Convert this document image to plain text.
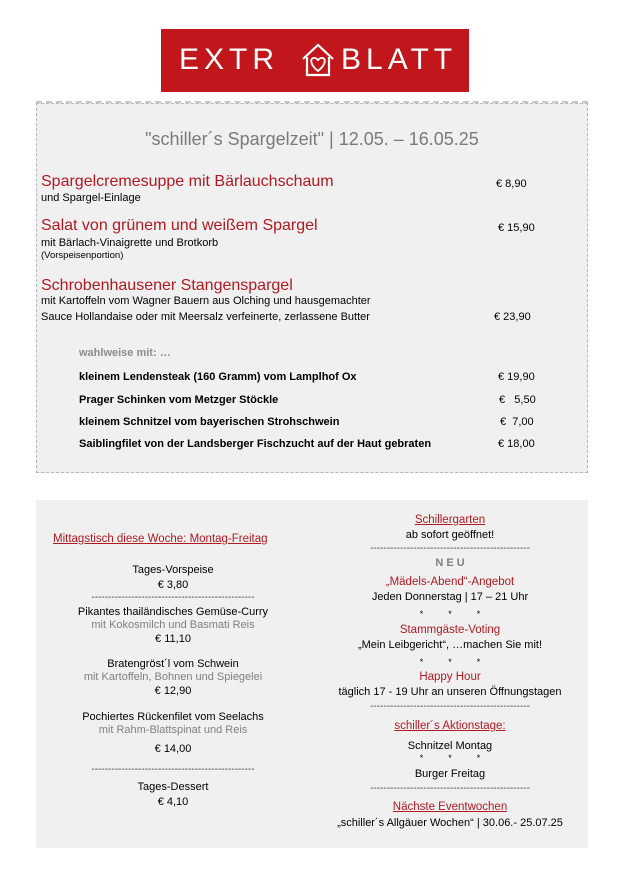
EXTR BLATT
"schiller´s Spargelzeit" | 12.05. – 16.05.25
Spargelcremesuppe mit Bärlauchschaum
und Spargel-Einlage
€ 8,90
Salat von grünem und weißem Spargel
mit Bärlach-Vinaigrette und Brotkorb
(Vorspeisenportion)
€ 15,90
Schrobenhausener Stangenspargel
mit Kartoffeln vom Wagner Bauern aus Olching und hausgemachter
Sauce Hollandaise oder mit Meersalz verfeinerte, zerlassene Butter	€ 23,90
wahlweise mit: …
kleinem Lendensteak (160 Gramm) vom Lamplhof Ox	€ 19,90
Prager Schinken vom Metzger Stöckle	€   5,50
kleinem Schnitzel vom bayerischen Strohschwein	€  7,00
Saiblingfilet von der Landsberger Fischzucht auf der Haut gebraten	€ 18,00
Mittagstisch diese Woche: Montag-Freitag
Tages-Vorspeise
€ 3,80
-------------------------------------------------
Pikantes thailändisches Gemüse-Curry
mit Kokosmilch und Basmati Reis
€ 11,10
Bratengröst´l vom Schwein
mit Kartoffeln, Bohnen und Spiegelei
€ 12,90
Pochiertes Rückenfilet vom Seelachs
mit Rahm-Blattspinat und Reis
€ 14,00
-------------------------------------------------
Tages-Dessert
€ 4,10
Schillergarten
ab sofort geöffnet!
------------------------------------------------
N E U
„Mädels-Abend“-Angebot
Jeden Donnerstag | 17 – 21 Uhr
*          *          *
Stammgäste-Voting
„Mein Leibgericht“, …machen Sie mit!
*          *          *
Happy Hour
täglich 17 - 19 Uhr an unseren Öffnungstagen
------------------------------------------------
schiller´s Aktionstage:
Schnitzel Montag
*          *          *
Burger Freitag
------------------------------------------------
Nächste Eventwochen
„schiller´s Allgäuer Wochen“ | 30.06.- 25.07.25
